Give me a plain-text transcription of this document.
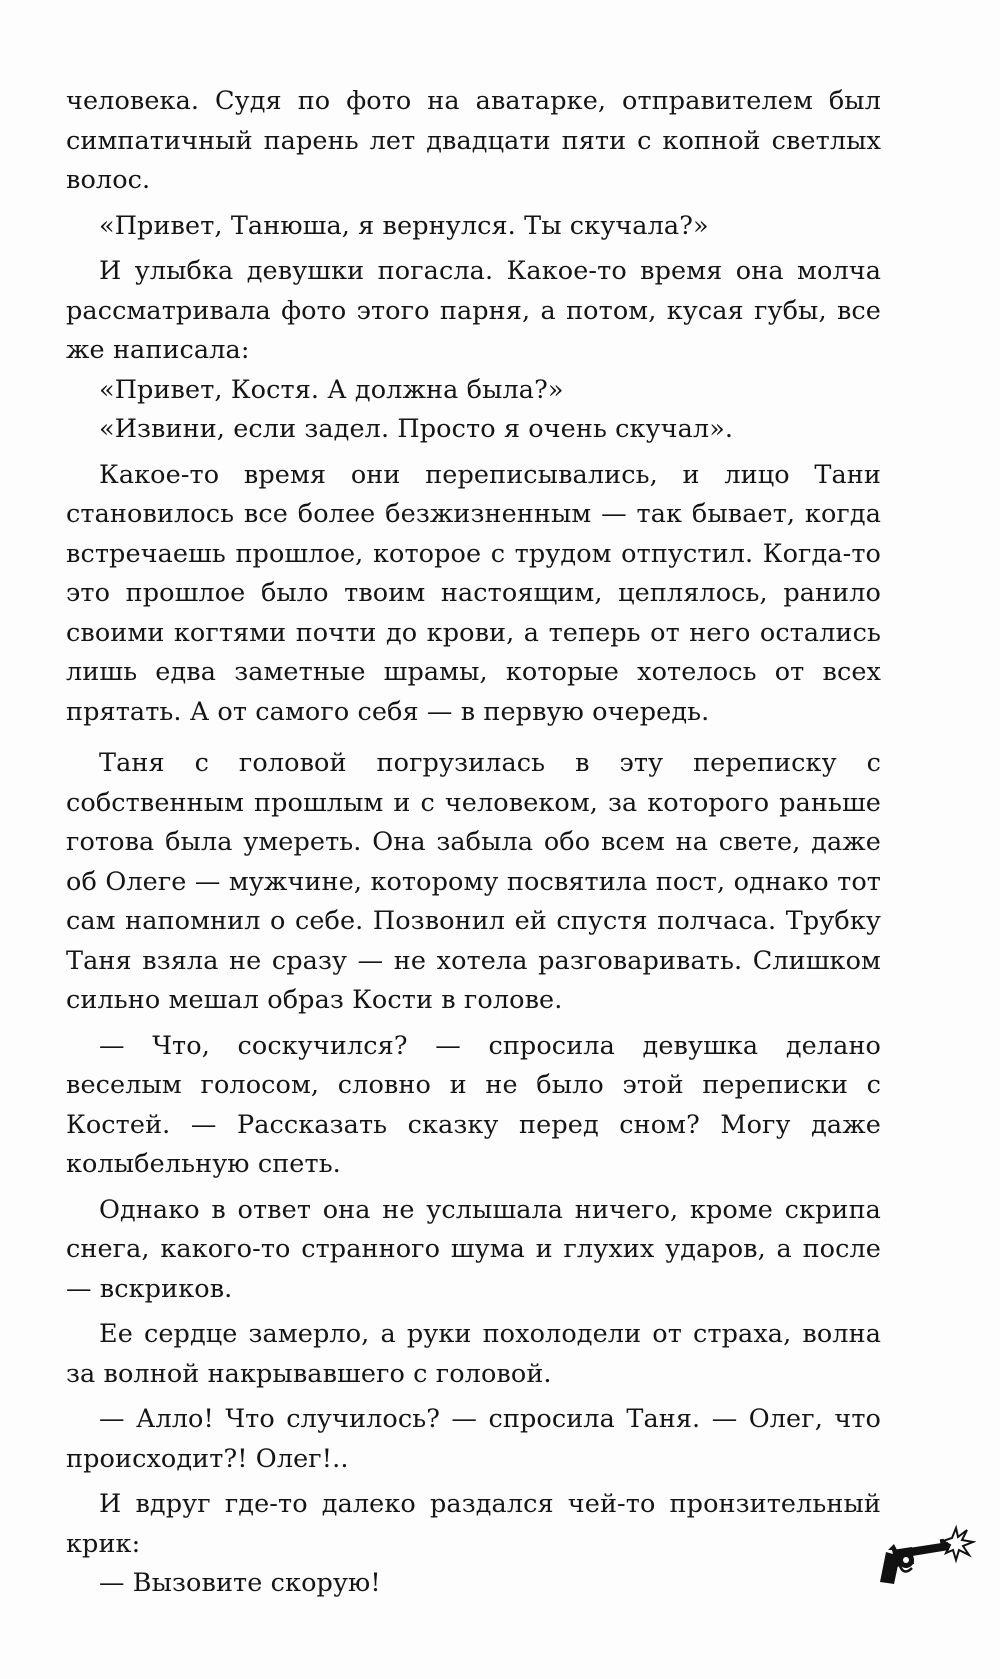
человека. Судя по фото на аватарке, отправителем был симпатичный парень лет двадцати пяти с копной светлых волос.

«Привет, Танюша, я вернулся. Ты скучала?»

И улыбка девушки погасла. Какое-то время она молча рассматривала фото этого парня, а потом, кусая губы, все же написала:

«Привет, Костя. А должна была?»

«Извини, если задел. Просто я очень скучал».

Какое-то время они переписывались, и лицо Тани становилось все более безжизненным — так бывает, когда встречаешь прошлое, которое с трудом отпустил. Когда-то это прошлое было твоим настоящим, цеплялось, ранило своими когтями почти до крови, а теперь от него остались лишь едва заметные шрамы, которые хотелось от всех прятать. А от самого себя — в первую очередь.

Таня с головой погрузилась в эту переписку с собственным прошлым и с человеком, за которого раньше готова была умереть. Она забыла обо всем на свете, даже об Олеге — мужчине, которому посвятила пост, однако тот сам напомнил о себе. Позвонил ей спустя полчаса. Трубку Таня взяла не сразу — не хотела разговаривать. Слишком сильно мешал образ Кости в голове.

— Что, соскучился? — спросила девушка делано веселым голосом, словно и не было этой переписки с Костей. — Рассказать сказку перед сном? Могу даже колыбельную спеть.

Однако в ответ она не услышала ничего, кроме скрипа снега, какого-то странного шума и глухих ударов, а после — вскриков.

Ее сердце замерло, а руки похолодели от страха, волна за волной накрывавшего с головой.

— Алло! Что случилось? — спросила Таня. — Олег, что происходит?! Олег!..

И вдруг где-то далеко раздался чей-то пронзительный крик:

— Вызовите скорую!
